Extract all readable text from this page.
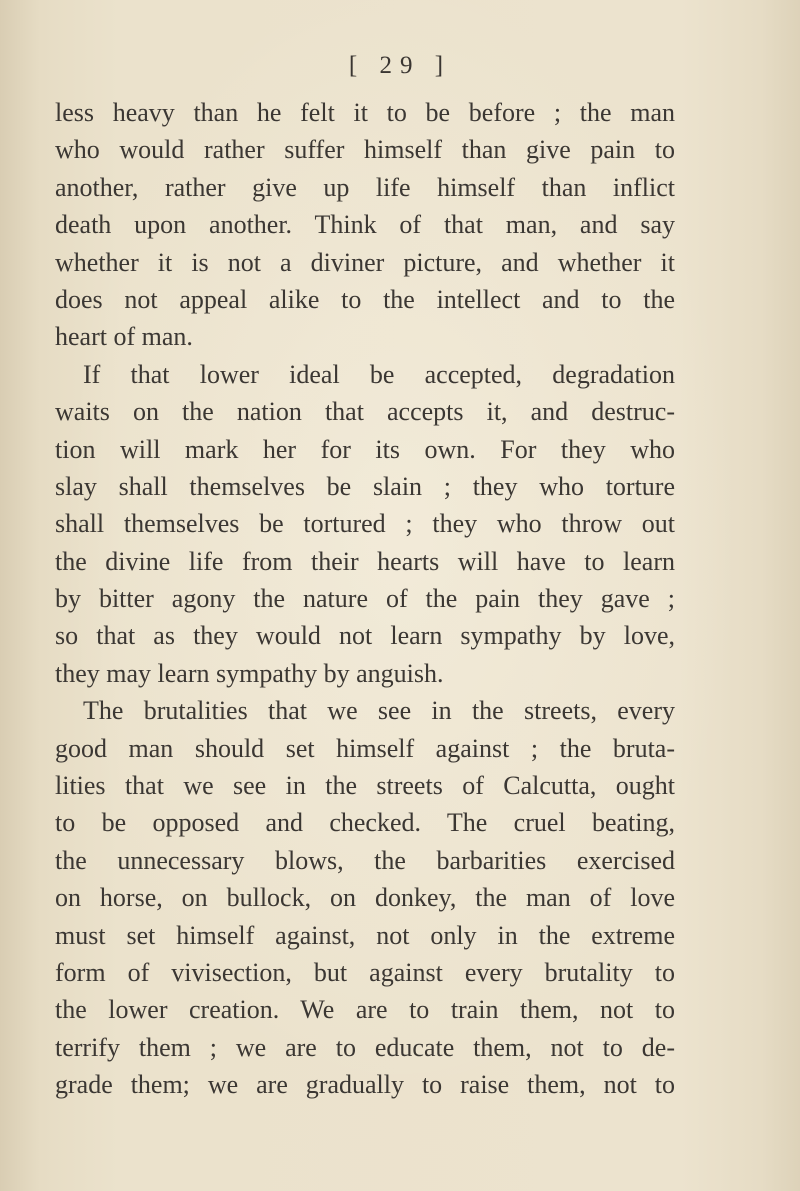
[ 29 ]
less heavy than he felt it to be before ; the man
who would rather suffer himself than give pain to
another, rather give up life himself than inflict
death upon another. Think of that man, and say
whether it is not a diviner picture, and whether it
does not appeal alike to the intellect and to the
heart of man.
If that lower ideal be accepted, degradation
waits on the nation that accepts it, and destruc-
tion will mark her for its own. For they who
slay shall themselves be slain ; they who torture
shall themselves be tortured ; they who throw out
the divine life from their hearts will have to learn
by bitter agony the nature of the pain they gave ;
so that as they would not learn sympathy by love,
they may learn sympathy by anguish.
The brutalities that we see in the streets, every
good man should set himself against ; the bruta-
lities that we see in the streets of Calcutta, ought
to be opposed and checked. The cruel beating,
the unnecessary blows, the barbarities exercised
on horse, on bullock, on donkey, the man of love
must set himself against, not only in the extreme
form of vivisection, but against every brutality to
the lower creation. We are to train them, not to
terrify them ; we are to educate them, not to de-
grade them; we are gradually to raise them, not to
